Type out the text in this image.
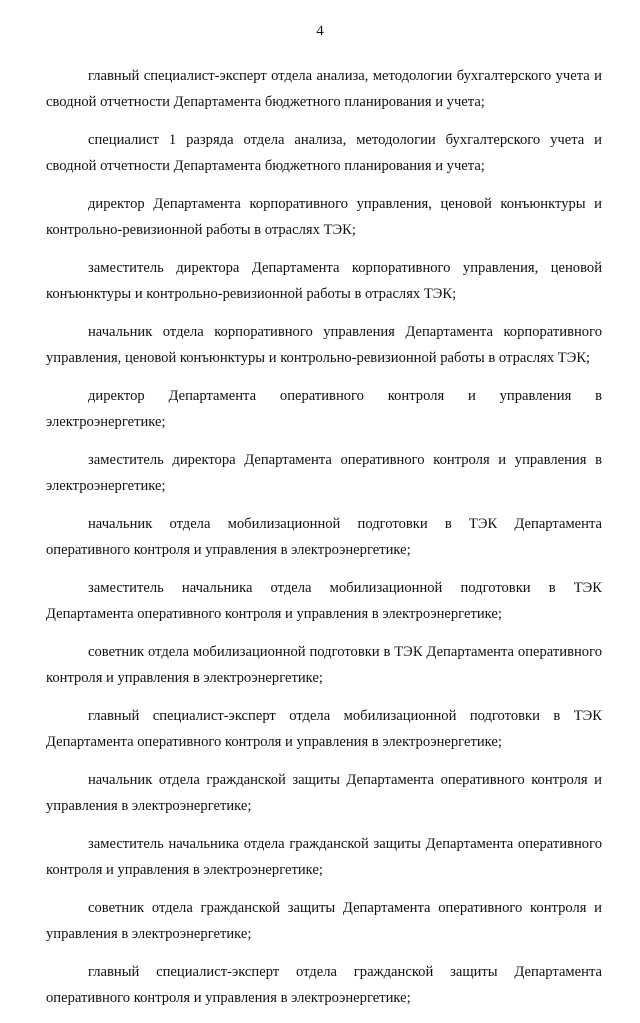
4

главный специалист-эксперт отдела анализа, методологии бухгалтерского учета и сводной отчетности Департамента бюджетного планирования и учета;

специалист 1 разряда отдела анализа, методологии бухгалтерского учета и сводной отчетности Департамента бюджетного планирования и учета;

директор Департамента корпоративного управления, ценовой конъюнктуры и контрольно-ревизионной работы в отраслях ТЭК;

заместитель директора Департамента корпоративного управления, ценовой конъюнктуры и контрольно-ревизионной работы в отраслях ТЭК;

начальник отдела корпоративного управления Департамента корпоративного управления, ценовой конъюнктуры и контрольно-ревизионной работы в отраслях ТЭК;

директор Департамента оперативного контроля и управления в электроэнергетике;

заместитель директора Департамента оперативного контроля и управления в электроэнергетике;

начальник отдела мобилизационной подготовки в ТЭК Департамента оперативного контроля и управления в электроэнергетике;

заместитель начальника отдела мобилизационной подготовки в ТЭК Департамента оперативного контроля и управления в электроэнергетике;

советник отдела мобилизационной подготовки в ТЭК Департамента оперативного контроля и управления в электроэнергетике;

главный специалист-эксперт отдела мобилизационной подготовки в ТЭК Департамента оперативного контроля и управления в электроэнергетике;

начальник отдела гражданской защиты Департамента оперативного контроля и управления в электроэнергетике;

заместитель начальника отдела гражданской защиты Департамента оперативного контроля и управления в электроэнергетике;

советник отдела гражданской защиты Департамента оперативного контроля и управления в электроэнергетике;

главный специалист-эксперт отдела гражданской защиты Департамента оперативного контроля и управления в электроэнергетике;
